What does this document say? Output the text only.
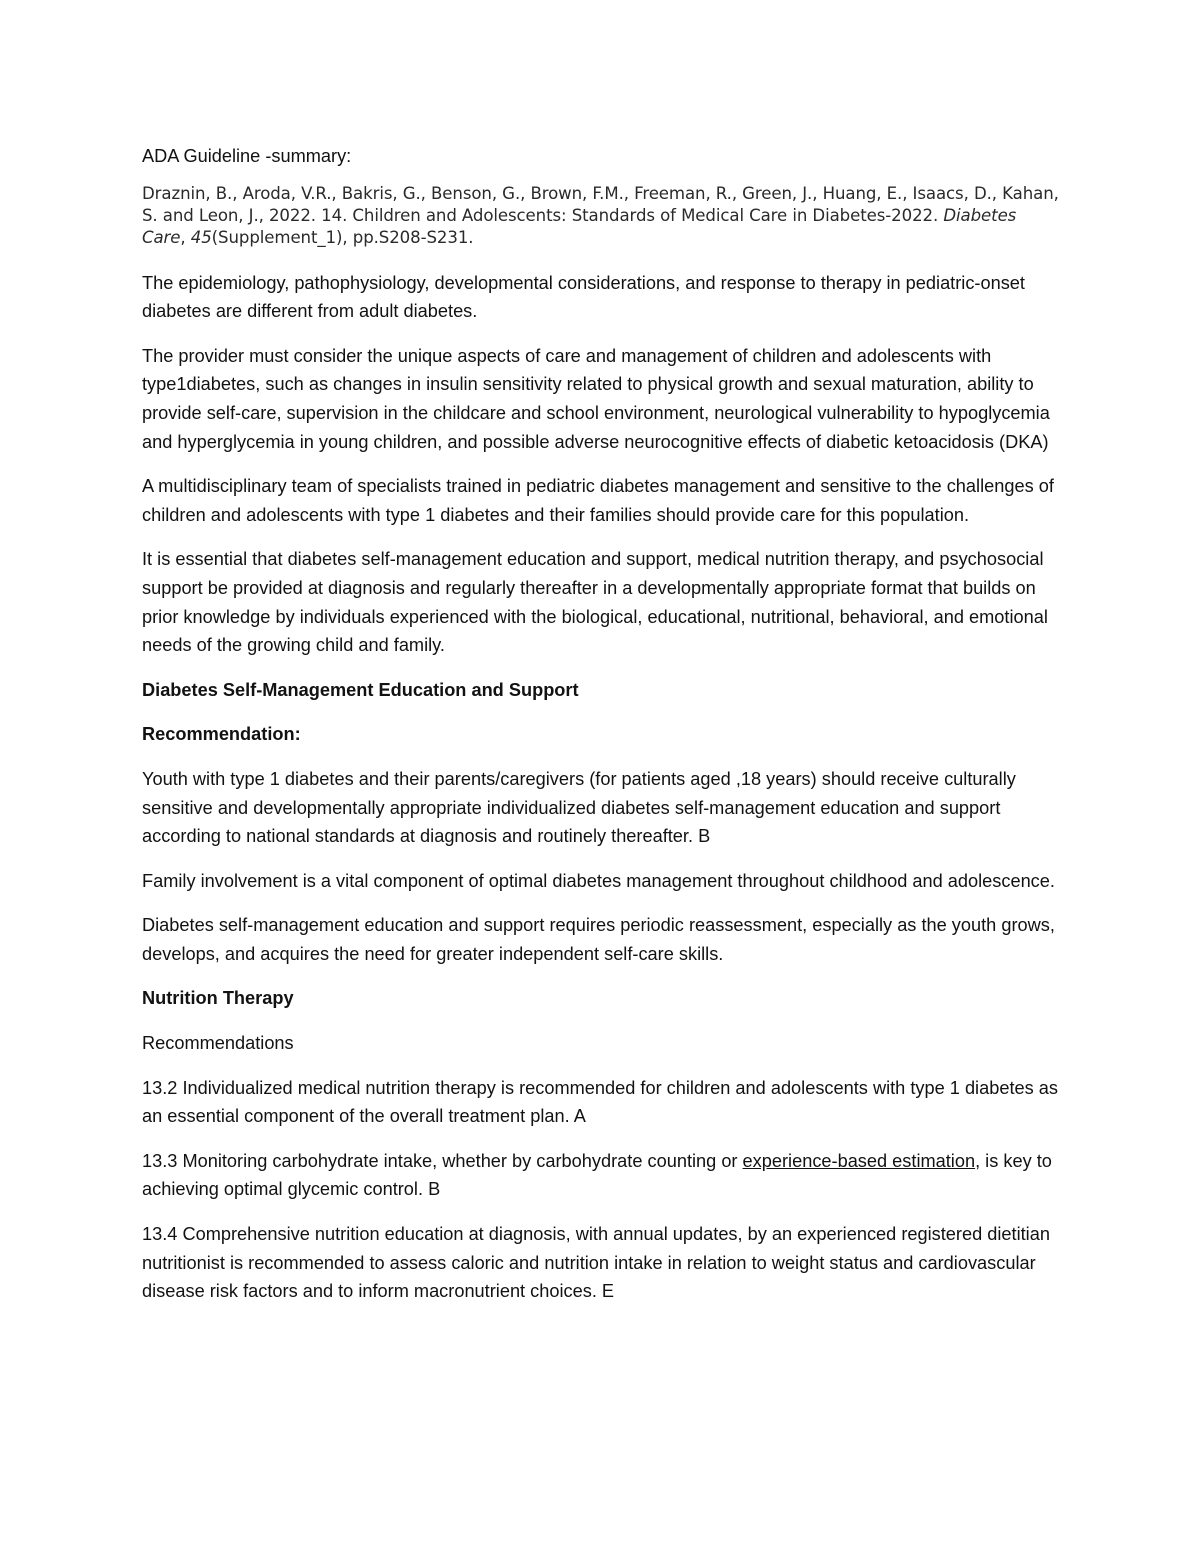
ADA Guideline -summary:

Draznin, B., Aroda, V.R., Bakris, G., Benson, G., Brown, F.M., Freeman, R., Green, J., Huang, E., Isaacs, D., Kahan, S. and Leon, J., 2022. 14. Children and Adolescents: Standards of Medical Care in Diabetes-2022. Diabetes Care, 45(Supplement_1), pp.S208-S231.

The epidemiology, pathophysiology, developmental considerations, and response to therapy in pediatric-onset diabetes are different from adult diabetes.

The provider must consider the unique aspects of care and management of children and adolescents with type1diabetes, such as changes in insulin sensitivity related to physical growth and sexual maturation, ability to provide self-care, supervision in the childcare and school environment, neurological vulnerability to hypoglycemia and hyperglycemia in young children, and possible adverse neurocognitive effects of diabetic ketoacidosis (DKA)

A multidisciplinary team of specialists trained in pediatric diabetes management and sensitive to the challenges of children and adolescents with type 1 diabetes and their families should provide care for this population.

It is essential that diabetes self-management education and support, medical nutrition therapy, and psychosocial support be provided at diagnosis and regularly thereafter in a developmentally appropriate format that builds on prior knowledge by individuals experienced with the biological, educational, nutritional, behavioral, and emotional needs of the growing child and family.

Diabetes Self-Management Education and Support

Recommendation:

Youth with type 1 diabetes and their parents/caregivers (for patients aged ,18 years) should receive culturally sensitive and developmentally appropriate individualized diabetes self-management education and support according to national standards at diagnosis and routinely thereafter. B

Family involvement is a vital component of optimal diabetes management throughout childhood and adolescence.

Diabetes self-management education and support requires periodic reassessment, especially as the youth grows, develops, and acquires the need for greater independent self-care skills.

Nutrition Therapy

Recommendations

13.2 Individualized medical nutrition therapy is recommended for children and adolescents with type 1 diabetes as an essential component of the overall treatment plan. A

13.3 Monitoring carbohydrate intake, whether by carbohydrate counting or experience-based estimation, is key to achieving optimal glycemic control. B

13.4 Comprehensive nutrition education at diagnosis, with annual updates, by an experienced registered dietitian nutritionist is recommended to assess caloric and nutrition intake in relation to weight status and cardiovascular disease risk factors and to inform macronutrient choices. E
